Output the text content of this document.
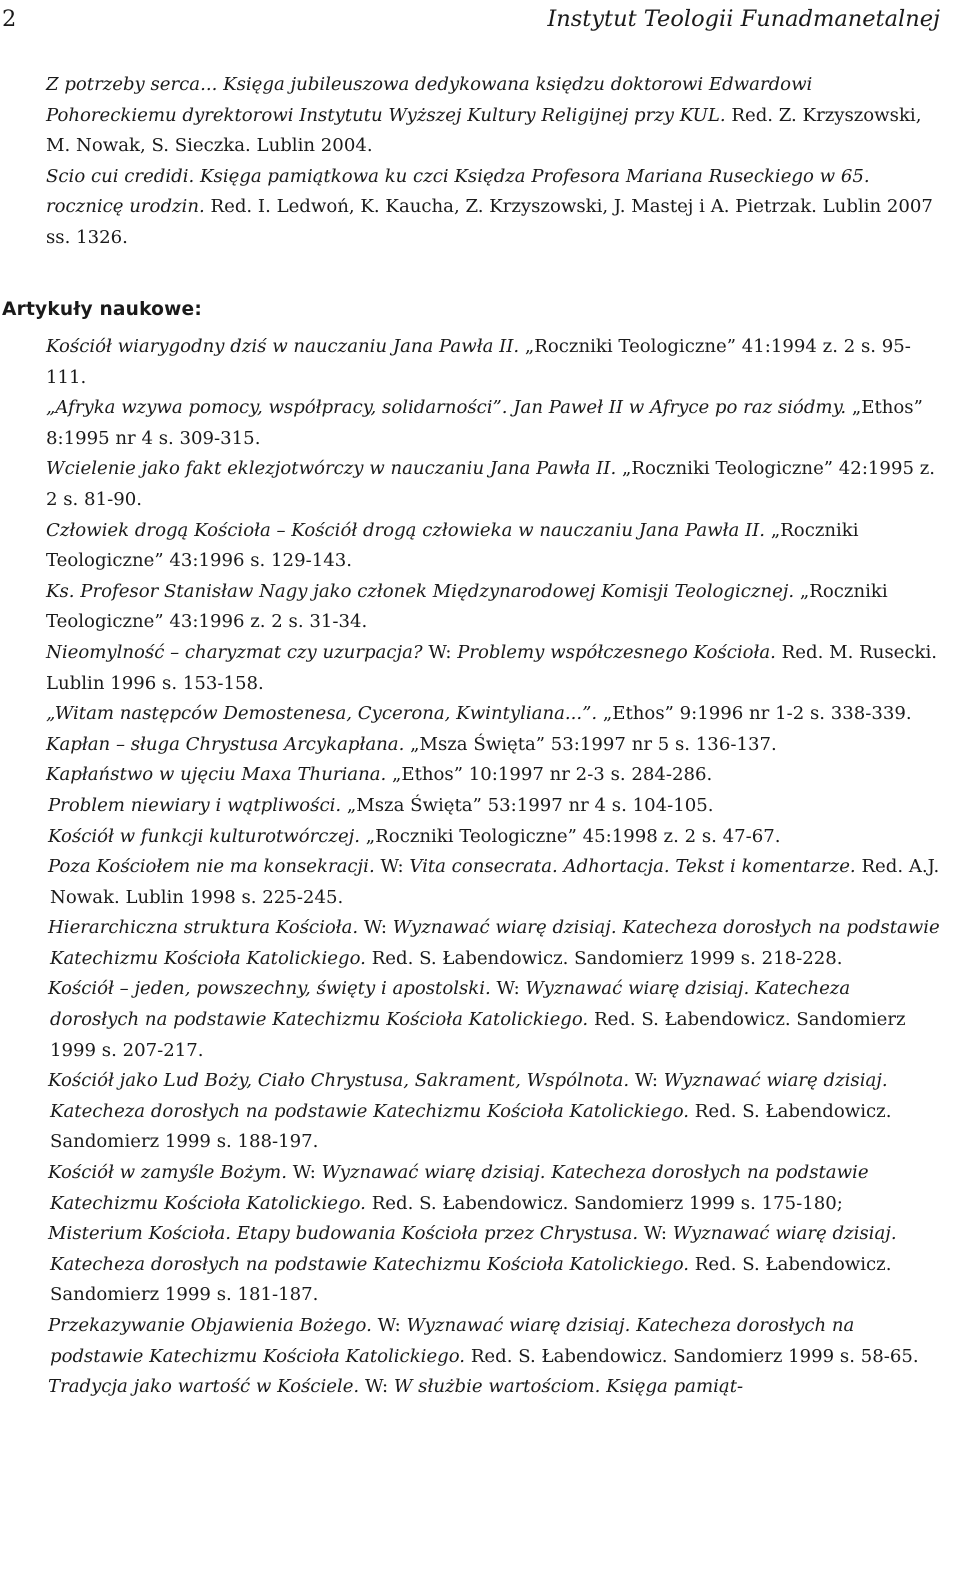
2	Instytut Teologii Funadmanetalnej

Z potrzeby serca... Księga jubileuszowa dedykowana księdzu doktorowi Edwardowi Pohoreckiemu dyrektorowi Instytutu Wyższej Kultury Religijnej przy KUL. Red. Z. Krzyszowski, M. Nowak, S. Sieczka. Lublin 2004.

Scio cui credidi. Księga pamiątkowa ku czci Księdza Profesora Mariana Ruseckiego w 65. rocznicę urodzin. Red. I. Ledwoń, K. Kaucha, Z. Krzyszowski, J. Mastej i A. Pietrzak. Lublin 2007 ss. 1326.

Artykuły naukowe:

Kościół wiarygodny dziś w nauczaniu Jana Pawła II. „Roczniki Teologiczne” 41:1994 z. 2 s. 95-111.

„Afryka wzywa pomocy, współpracy, solidarności”. Jan Paweł II w Afryce po raz siódmy. „Ethos” 8:1995 nr 4 s. 309-315.

Wcielenie jako fakt eklezjotwórczy w nauczaniu Jana Pawła II. „Roczniki Teologiczne” 42:1995 z. 2 s. 81-90.

Człowiek drogą Kościoła – Kościół drogą człowieka w nauczaniu Jana Pawła II. „Roczniki Teologiczne” 43:1996 s. 129-143.

Ks. Profesor Stanisław Nagy jako członek Międzynarodowej Komisji Teologicznej. „Roczniki Teologiczne” 43:1996 z. 2 s. 31-34.

Nieomylność – charyzmat czy uzurpacja? W: Problemy współczesnego Kościoła. Red. M. Rusecki. Lublin 1996 s. 153-158.

„Witam następców Demostenesa, Cycerona, Kwintyliana...”. „Ethos” 9:1996 nr 1-2 s. 338-339.

Kapłan – sługa Chrystusa Arcykapłana. „Msza Święta” 53:1997 nr 5 s. 136-137.

Kapłaństwo w ujęciu Maxa Thuriana. „Ethos” 10:1997 nr 2-3 s. 284-286.

Problem niewiary i wątpliwości. „Msza Święta” 53:1997 nr 4 s. 104-105.

Kościół w funkcji kulturotwórczej. „Roczniki Teologiczne” 45:1998 z. 2 s. 47-67.

Poza Kościołem nie ma konsekracji. W: Vita consecrata. Adhortacja. Tekst i komentarze. Red. A.J. Nowak. Lublin 1998 s. 225-245.

Hierarchiczna struktura Kościoła. W: Wyznawać wiarę dzisiaj. Katecheza dorosłych na podstawie Katechizmu Kościoła Katolickiego. Red. S. Łabendowicz. Sandomierz 1999 s. 218-228.

Kościół – jeden, powszechny, święty i apostolski. W: Wyznawać wiarę dzisiaj. Katecheza dorosłych na podstawie Katechizmu Kościoła Katolickiego. Red. S. Łabendowicz. Sandomierz 1999 s. 207-217.

Kościół jako Lud Boży, Ciało Chrystusa, Sakrament, Wspólnota. W: Wyznawać wiarę dzisiaj. Katecheza dorosłych na podstawie Katechizmu Kościoła Katolickiego. Red. S. Łabendowicz. Sandomierz 1999 s. 188-197.

Kościół w zamyśle Bożym. W: Wyznawać wiarę dzisiaj. Katecheza dorosłych na podstawie Katechizmu Kościoła Katolickiego. Red. S. Łabendowicz. Sandomierz 1999 s. 175-180;

Misterium Kościoła. Etapy budowania Kościoła przez Chrystusa. W: Wyznawać wiarę dzisiaj. Katecheza dorosłych na podstawie Katechizmu Kościoła Katolickiego. Red. S. Łabendowicz. Sandomierz 1999 s. 181-187.

Przekazywanie Objawienia Bożego. W: Wyznawać wiarę dzisiaj. Katecheza dorosłych na podstawie Katechizmu Kościoła Katolickiego. Red. S. Łabendowicz. Sandomierz 1999 s. 58-65.

Tradycja jako wartość w Kościele. W: W służbie wartościom. Księga pamiąt-
